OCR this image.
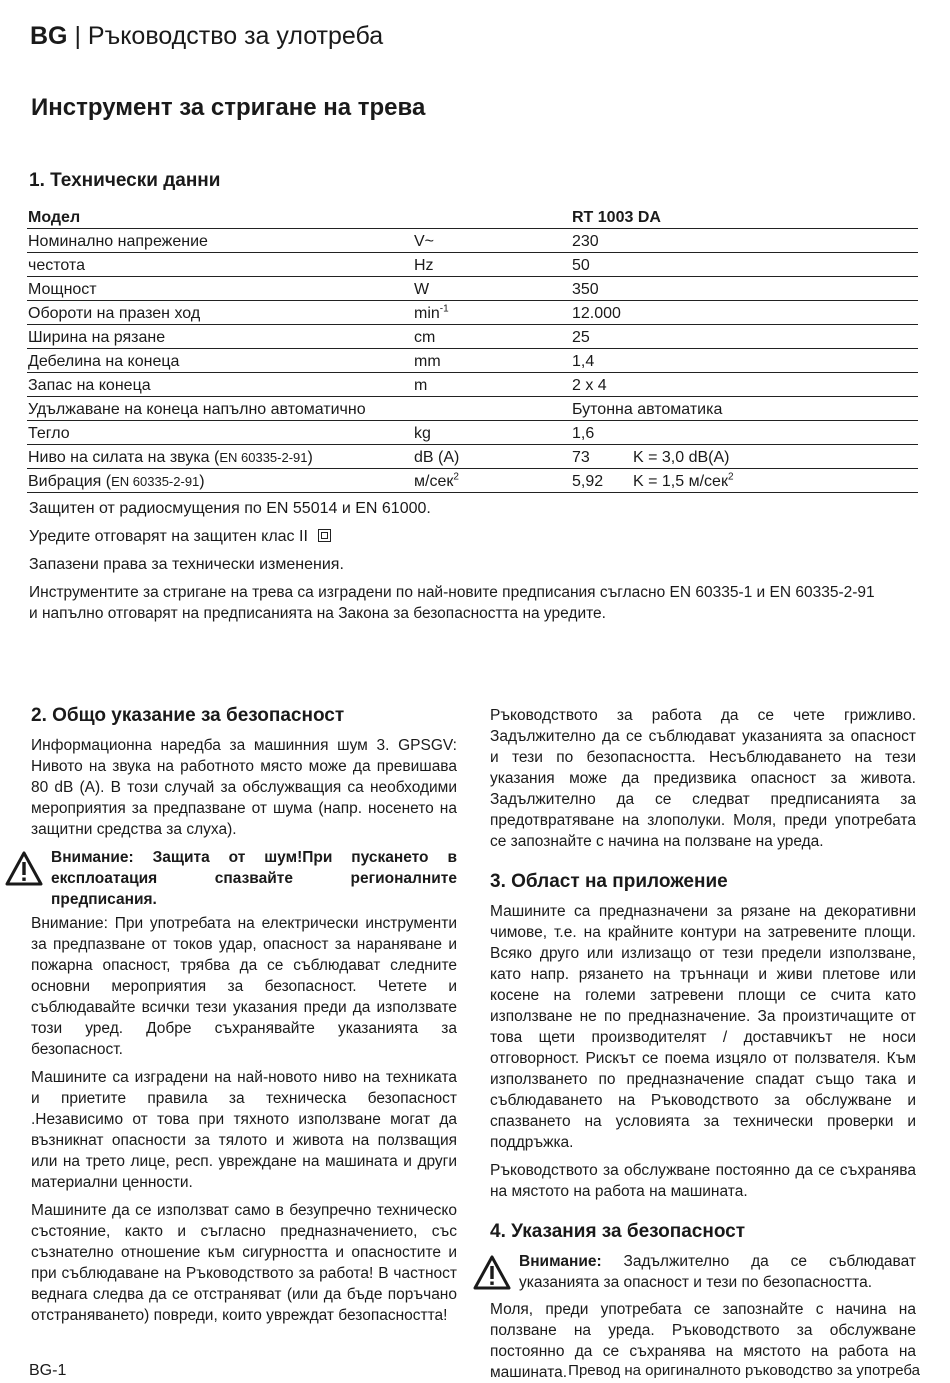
BG | Ръководство за улотреба
Инструмент за стригане на трева
1. Технически данни
Модел		RT 1003 DA	
Номинално напрежение	V~	230	
честота	Hz	50	
Мощност	W	350	
Обороти на празен ход	$\min^{-1}$	12.000	
Ширина на рязане	cm	25	
Дебелина на конеца	mm	1,4	
Запас на конеца	m	2 x 4	
Удължаване на конеца напълно автоматично		Бутонна автоматика	
Тегло	kg	1,6	
Ниво на силата на звука (EN 60335-2-91)	dB (A)	73	K = 3,0 dB(A)
Вибрация (EN 60335-2-91)	м/сек$^2$	5,92	K = 1,5 м/сек$^2$
Защитен от радиосмущения по EN 55014 и EN 61000.
Уредите отговарят на защитен клас II
Запазени права за технически изменения.
Инструментите за стригане на трева са изградени по най-новите предписания съгласно EN 60335-1 и EN 60335-2-91
и напълно отговарят на предписанията на Закона за безопасността на уредите.
2. Общо указание за безопасност
Информационна наредба за машинния шум 3. GPSGV: Нивото на звука на работното място може да превишава 80 dB (A). В този случай за обслужващия са необходими мероприятия за предпазване от шума (напр. носенето на защитни средства за слуха).
Внимание: Защита от шум!При пускането в експлоатация спазвайте регионалните предписания.
Внимание: При употребата на електрически инструменти за предпазване от токов удар, опасност за нараняване и пожарна опасност, трябва да се съблюдават следните основни мероприятия за безопасност. Четете и съблюдавайте всички тези указания преди да използвате този уред. Добре съхранявайте указанията за безопасност.
Машините са изградени на най-новото ниво на техниката и приетите правила за техническа безопасност .Независимо от това при тяхното използване могат да възникнат опасности за тялото и живота на ползващия или на трето лице, респ. увреждане на машината и други материални ценности.
Машините да се използват само в безупречно техническо състояние, както и съгласно предназначението, със съзнателно отношение към сигурността и опасностите и при съблюдаване на Ръководството за работа! В частност веднага следва да се отстраняват (или да бъде поръчано отстраняването) повреди, които увреждат безопасността!
Ръководството за работа да се чете грижливо. Задължително да се съблюдават указанията за опасност и тези по безопасността. Несъблюдаването на тези указания може да предизвика опасност за живота. Задължително да се следват предписанията за предотвратяване на злополуки. Моля, преди употребата се запознайте с начина на ползване на уреда.
3. Област на приложение
Машините са предназначени за рязане на декоративни чимове, т.е. на крайните контури на затревените площи. Всяко друго или излизащо от тези предели използване, като напр. рязането на тръннаци и живи плетове или косене на големи затревени площи се счита като използване не по предназначение. За произтичащите от това щети производителят / доставчикът не носи отговорност. Рискът се поема изцяло от ползвателя. Към използването по предназначение спадат също така и съблюдаването на Ръководството за обслужване и спазването на условията за технически проверки и поддръжка.
Ръководството за обслужване постоянно да се съхранява на мястото на работа на машината.
4. Указания за безопасност
Внимание: Задължително да се съблюдават указанията за опасност и тези по безопасността.
Моля, преди употребата се запознайте с начина на ползване на уреда. Ръководството за обслужване постоянно да се съхранява на мястото на работа на машината.
BG-1	Превод на оригиналното ръководство за употреба
